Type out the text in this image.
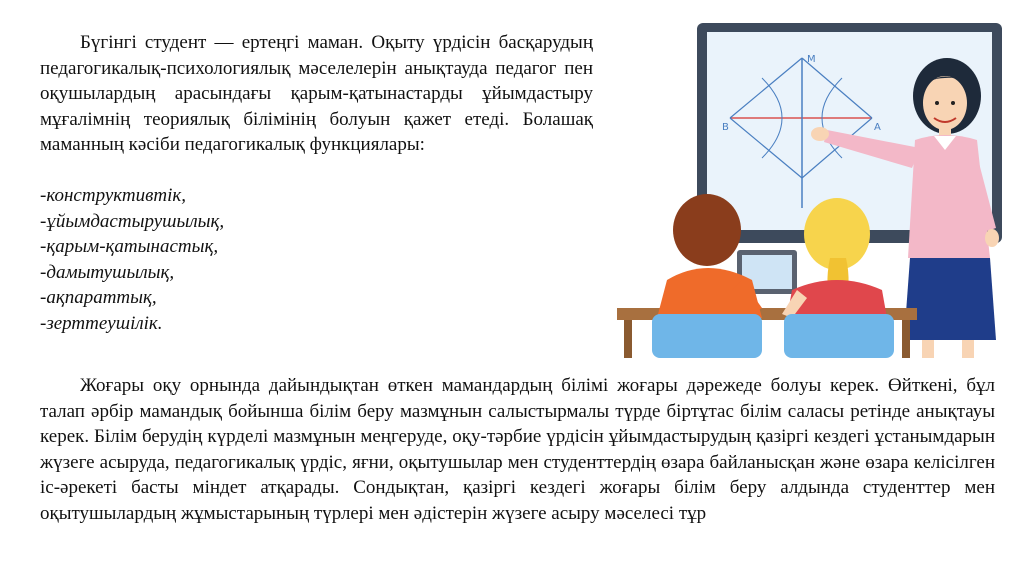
Бүгінгі студент — ертеңгі маман. Оқыту үрдісін басқарудың педагогикалық-психологиялық мәселелерін анықтауда педагог пен оқушылардың арасындағы қарым-қатынастарды ұйымдастыру мұғалімнің теориялық білімінің болуын қажет етеді. Болашақ маманның кәсіби педагогикалық функциялары:

-конструктивтік,
-ұйымдастырушылық,
-қарым-қатынастық,
-дамытушылық,
-ақпараттық,
-зерттеушілік.
M
B	A

Жоғары оқу орнында дайындықтан өткен мамандардың білімі жоғары дәрежеде болуы керек. Өйткені, бұл талап әрбір мамандық бойынша білім беру мазмұнын салыстырмалы түрде біртұтас білім саласы ретінде анықтауы керек. Білім берудің күрделі мазмұнын меңгеруде, оқу-тәрбие үрдісін ұйымдастырудың қазіргі кездегі ұстанымдарын жүзеге асыруда, педагогикалық үрдіс, яғни, оқытушылар мен студенттердің өзара байланысқан және өзара келісілген іс-әрекеті басты міндет атқарады. Сондықтан, қазіргі кездегі жоғары білім беру алдында студенттер мен оқытушылардың жұмыстарының түрлері мен әдістерін жүзеге асыру мәселесі тұр
